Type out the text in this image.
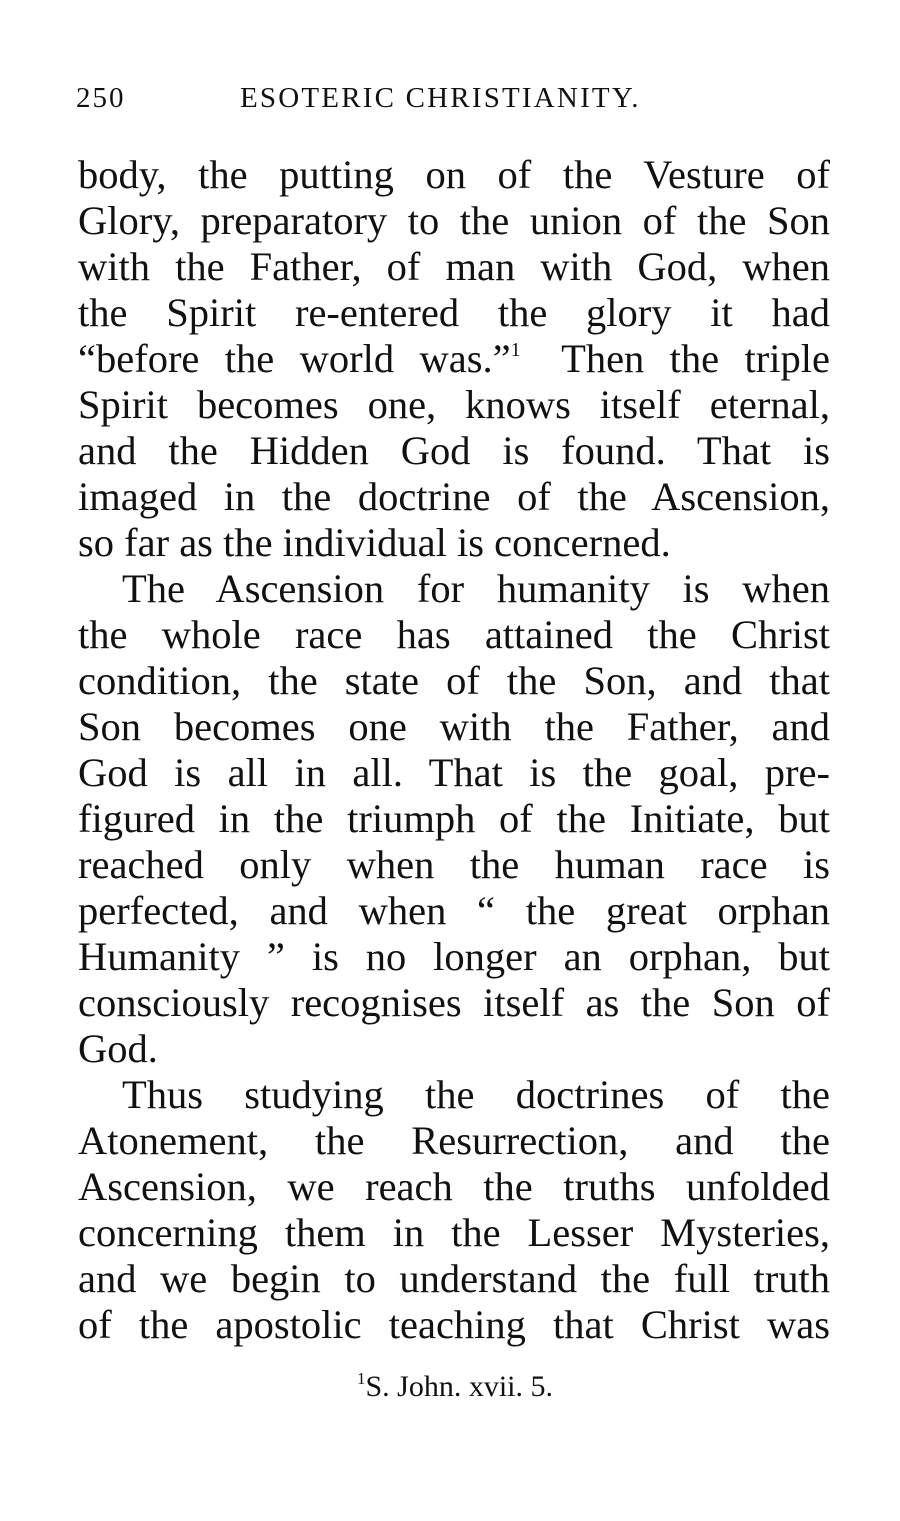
250	ESOTERIC CHRISTIANITY.
body, the putting on of the Vesture of
Glory, preparatory to the union of the Son
with the Father, of man with God, when
the Spirit re-entered the glory it had
“before the world was.”$^1$  Then the triple
Spirit becomes one, knows itself eternal,
and the Hidden God is found. That is
imaged in the doctrine of the Ascension,
so far as the individual is concerned.
The Ascension for humanity is when
the whole race has attained the Christ
condition, the state of the Son, and that
Son becomes one with the Father, and
God is all in all. That is the goal, pre-
figured in the triumph of the Initiate, but
reached only when the human race is
perfected, and when “ the great orphan
Humanity ” is no longer an orphan, but
consciously recognises itself as the Son of
God.
Thus studying the doctrines of the
Atonement, the Resurrection, and the
Ascension, we reach the truths unfolded
concerning them in the Lesser Mysteries,
and we begin to understand the full truth
of the apostolic teaching that Christ was
$^1$S. John. xvii. 5.
